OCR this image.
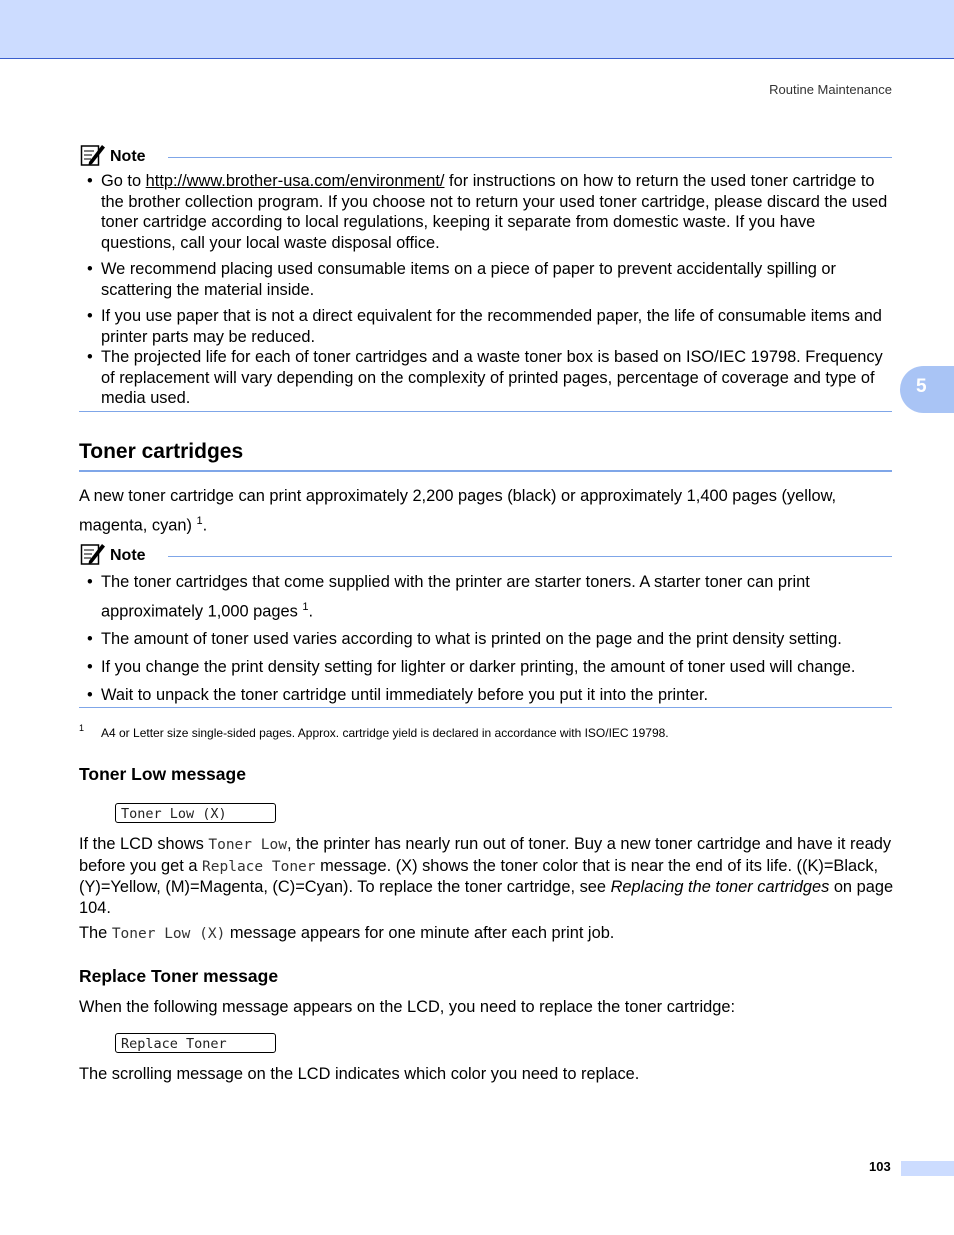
Routine Maintenance
5
Note
• Go to http://www.brother-usa.com/environment/ for instructions on how to return the used toner cartridge to the brother collection program. If you choose not to return your used toner cartridge, please discard the used toner cartridge according to local regulations, keeping it separate from domestic waste. If you have questions, call your local waste disposal office.
• We recommend placing used consumable items on a piece of paper to prevent accidentally spilling or scattering the material inside.
• If you use paper that is not a direct equivalent for the recommended paper, the life of consumable items and printer parts may be reduced.
• The projected life for each of toner cartridges and a waste toner box is based on ISO/IEC 19798. Frequency of replacement will vary depending on the complexity of printed pages, percentage of coverage and type of media used.
Toner cartridges

A new toner cartridge can print approximately 2,200 pages (black) or approximately 1,400 pages (yellow, magenta, cyan) $^1$.

Note
• The toner cartridges that come supplied with the printer are starter toners. A starter toner can print approximately 1,000 pages $^1$.
• The amount of toner used varies according to what is printed on the page and the print density setting.
• If you change the print density setting for lighter or darker printing, the amount of toner used will change.
• Wait to unpack the toner cartridge until immediately before you put it into the printer.
1 A4 or Letter size single-sided pages. Approx. cartridge yield is declared in accordance with ISO/IEC 19798.
Toner Low message
Toner Low (X)

If the LCD shows Toner Low, the printer has nearly run out of toner. Buy a new toner cartridge and have it ready before you get a Replace Toner message. (X) shows the toner color that is near the end of its life. ((K)=Black, (Y)=Yellow, (M)=Magenta, (C)=Cyan). To replace the toner cartridge, see Replacing the toner cartridges on page 104.

The Toner Low (X) message appears for one minute after each print job.

Replace Toner message

When the following message appears on the LCD, you need to replace the toner cartridge:

Replace Toner

The scrolling message on the LCD indicates which color you need to replace.

103
